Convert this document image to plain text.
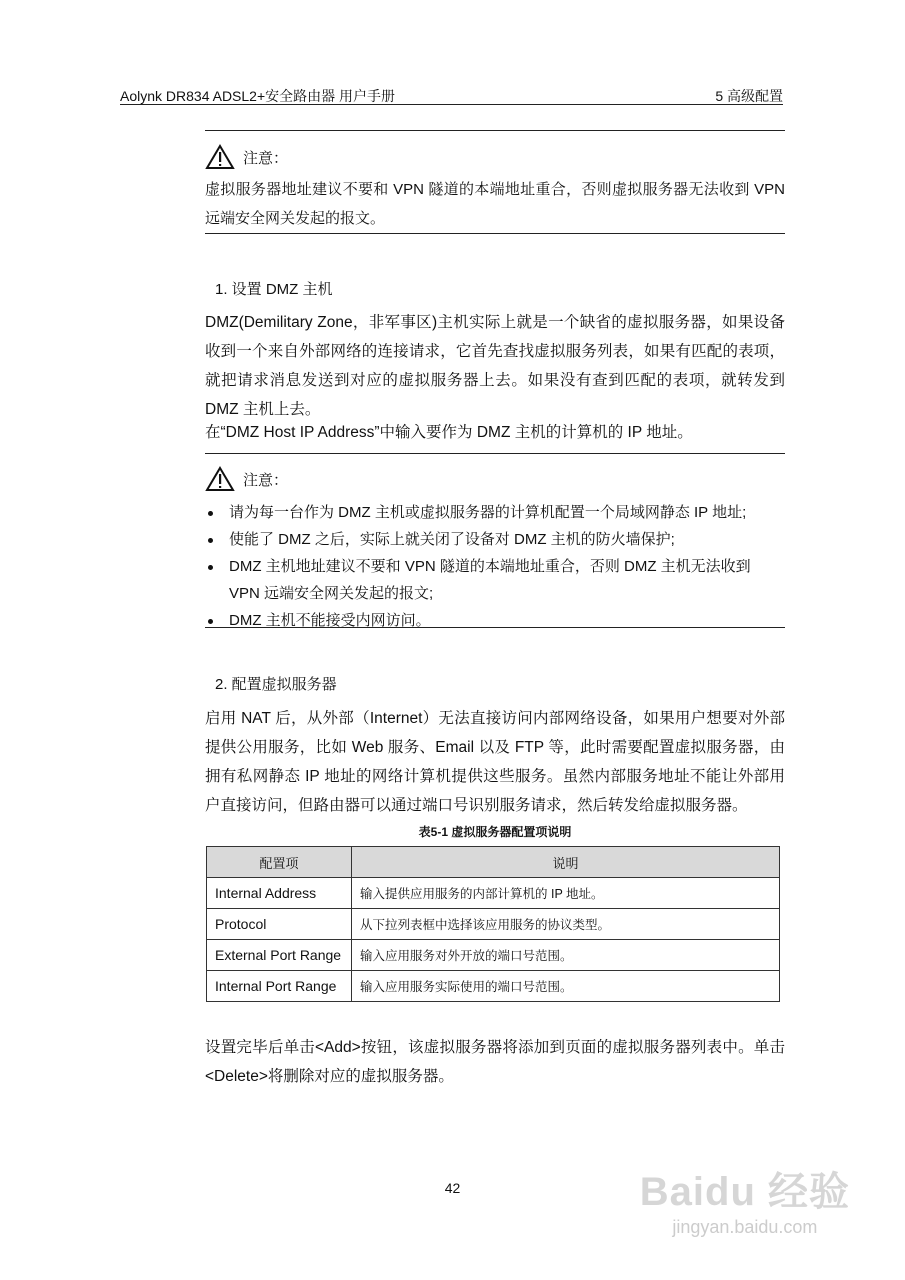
Aolynk DR834 ADSL2+安全路由器 用户手册	5 高级配置
注意：
虚拟服务器地址建议不要和 VPN 隧道的本端地址重合，否则虚拟服务器无法收到 VPN 远端安全网关发起的报文。
1. 设置 DMZ 主机
DMZ(Demilitary Zone，非军事区)主机实际上就是一个缺省的虚拟服务器，如果设备收到一个来自外部网络的连接请求，它首先查找虚拟服务列表，如果有匹配的表项，就把请求消息发送到对应的虚拟服务器上去。如果没有查到匹配的表项，就转发到 DMZ 主机上去。
在“DMZ Host IP Address”中输入要作为 DMZ 主机的计算机的 IP 地址。
注意：
请为每一台作为 DMZ 主机或虚拟服务器的计算机配置一个局域网静态 IP 地址;
使能了 DMZ 之后，实际上就关闭了设备对 DMZ 主机的防火墙保护;
DMZ 主机地址建议不要和 VPN 隧道的本端地址重合，否则 DMZ 主机无法收到 VPN 远端安全网关发起的报文;
DMZ 主机不能接受内网访问。
2. 配置虚拟服务器
启用 NAT 后，从外部（Internet）无法直接访问内部网络设备，如果用户想要对外部提供公用服务，比如 Web 服务、Email 以及 FTP 等，此时需要配置虚拟服务器，由拥有私网静态 IP 地址的网络计算机提供这些服务。虽然内部服务地址不能让外部用户直接访问，但路由器可以通过端口号识别服务请求，然后转发给虚拟服务器。
表5-1 虚拟服务器配置项说明
配置项	说明
Internal Address	输入提供应用服务的内部计算机的 IP 地址。
Protocol	从下拉列表框中选择该应用服务的协议类型。
External Port Range	输入应用服务对外开放的端口号范围。
Internal Port Range	输入应用服务实际使用的端口号范围。
设置完毕后单击<Add>按钮，该虚拟服务器将添加到页面的虚拟服务器列表中。单击<Delete>将删除对应的虚拟服务器。
42	Baidu 经验
jingyan.baidu.com
